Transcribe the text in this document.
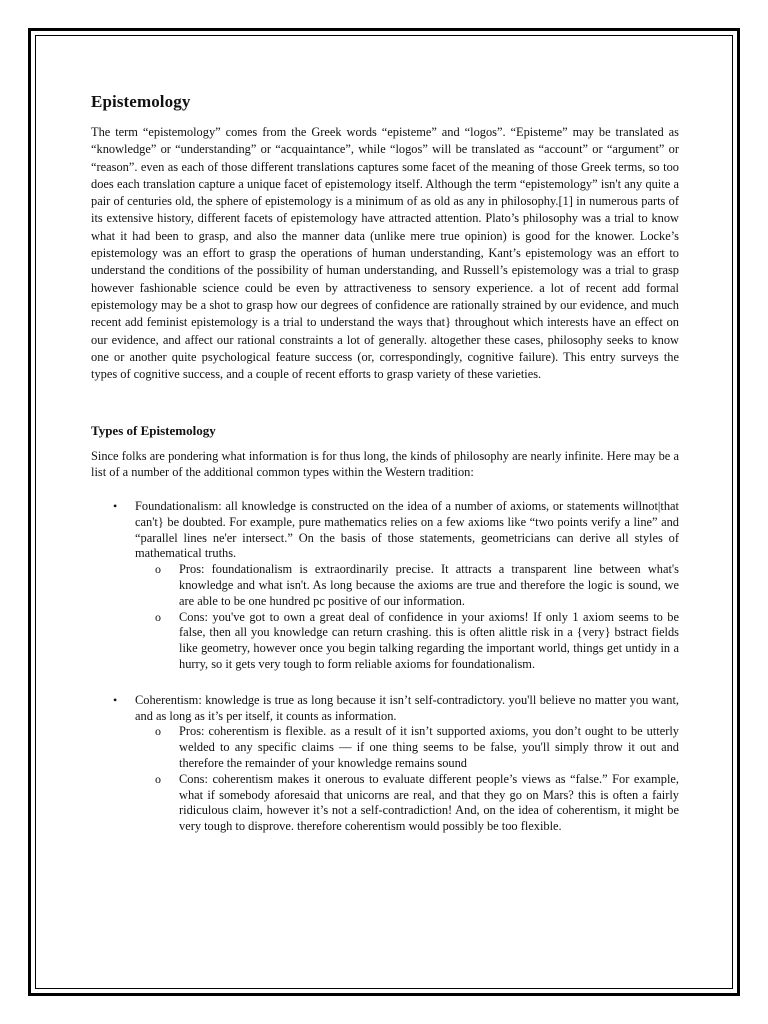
Epistemology

The term “epistemology” comes from the Greek words “episteme” and “logos”. “Episteme” may be translated as “knowledge” or “understanding” or “acquaintance”, while “logos” will be translated as “account” or “argument” or “reason”. even as each of those different translations captures some facet of the meaning of those Greek terms, so too does each translation capture a unique facet of epistemology itself. Although the term “epistemology” isn't any quite a pair of centuries old, the sphere of epistemology is a minimum of as old as any in philosophy.[1] in numerous parts of its extensive history, different facets of epistemology have attracted attention. Plato’s philosophy was a trial to know what it had been to grasp, and also the manner data (unlike mere true opinion) is good for the knower. Locke’s epistemology was an effort to grasp the operations of human understanding, Kant’s epistemology was an effort to understand the conditions of the possibility of human understanding, and Russell’s epistemology was a trial to grasp however fashionable science could be even by attractiveness to sensory experience. a lot of recent add formal epistemology may be a shot to grasp how our degrees of confidence are rationally strained by our evidence, and much recent add feminist epistemology is a trial to understand the ways that} throughout which interests have an effect on our evidence, and affect our rational constraints a lot of generally. altogether these cases, philosophy seeks to know one or another quite psychological feature success (or, correspondingly, cognitive failure). This entry surveys the types of cognitive success, and a couple of recent efforts to grasp variety of these varieties.

Types of Epistemology

Since folks are pondering what information is for thus long, the kinds of philosophy are nearly infinite. Here may be a list of a number of the additional common types within the Western tradition:

• Foundationalism: all knowledge is constructed on the idea of a number of axioms, or statements willnot|that can't} be doubted. For example, pure mathematics relies on a few axioms like “two points verify a line” and “parallel lines ne'er intersect.” On the basis of those statements, geometricians can derive all styles of mathematical truths.
o Pros: foundationalism is extraordinarily precise. It attracts a transparent line between what's knowledge and what isn't. As long because the axioms are true and therefore the logic is sound, we are able to be one hundred pc positive of our information.
o Cons: you've got to own a great deal of confidence in your axioms! If only 1 axiom seems to be false, then all you knowledge can return crashing. this is often alittle risk in a {very} bstract fields like geometry, however once you begin talking regarding the important world, things get untidy in a hurry, so it gets very tough to form reliable axioms for foundationalism.
• Coherentism: knowledge is true as long because it isn’t self-contradictory. you'll believe no matter you want, and as long as it’s per itself, it counts as information.
o Pros: coherentism is flexible. as a result of it isn’t supported axioms, you don’t ought to be utterly welded to any specific claims — if one thing seems to be false, you'll simply throw it out and therefore the remainder of your knowledge remains sound
o Cons: coherentism makes it onerous to evaluate different people’s views as “false.” For example, what if somebody aforesaid that unicorns are real, and that they go on Mars? this is often a fairly ridiculous claim, however it’s not a self-contradiction! And, on the idea of coherentism, it might be very tough to disprove. therefore coherentism would possibly be too flexible.
